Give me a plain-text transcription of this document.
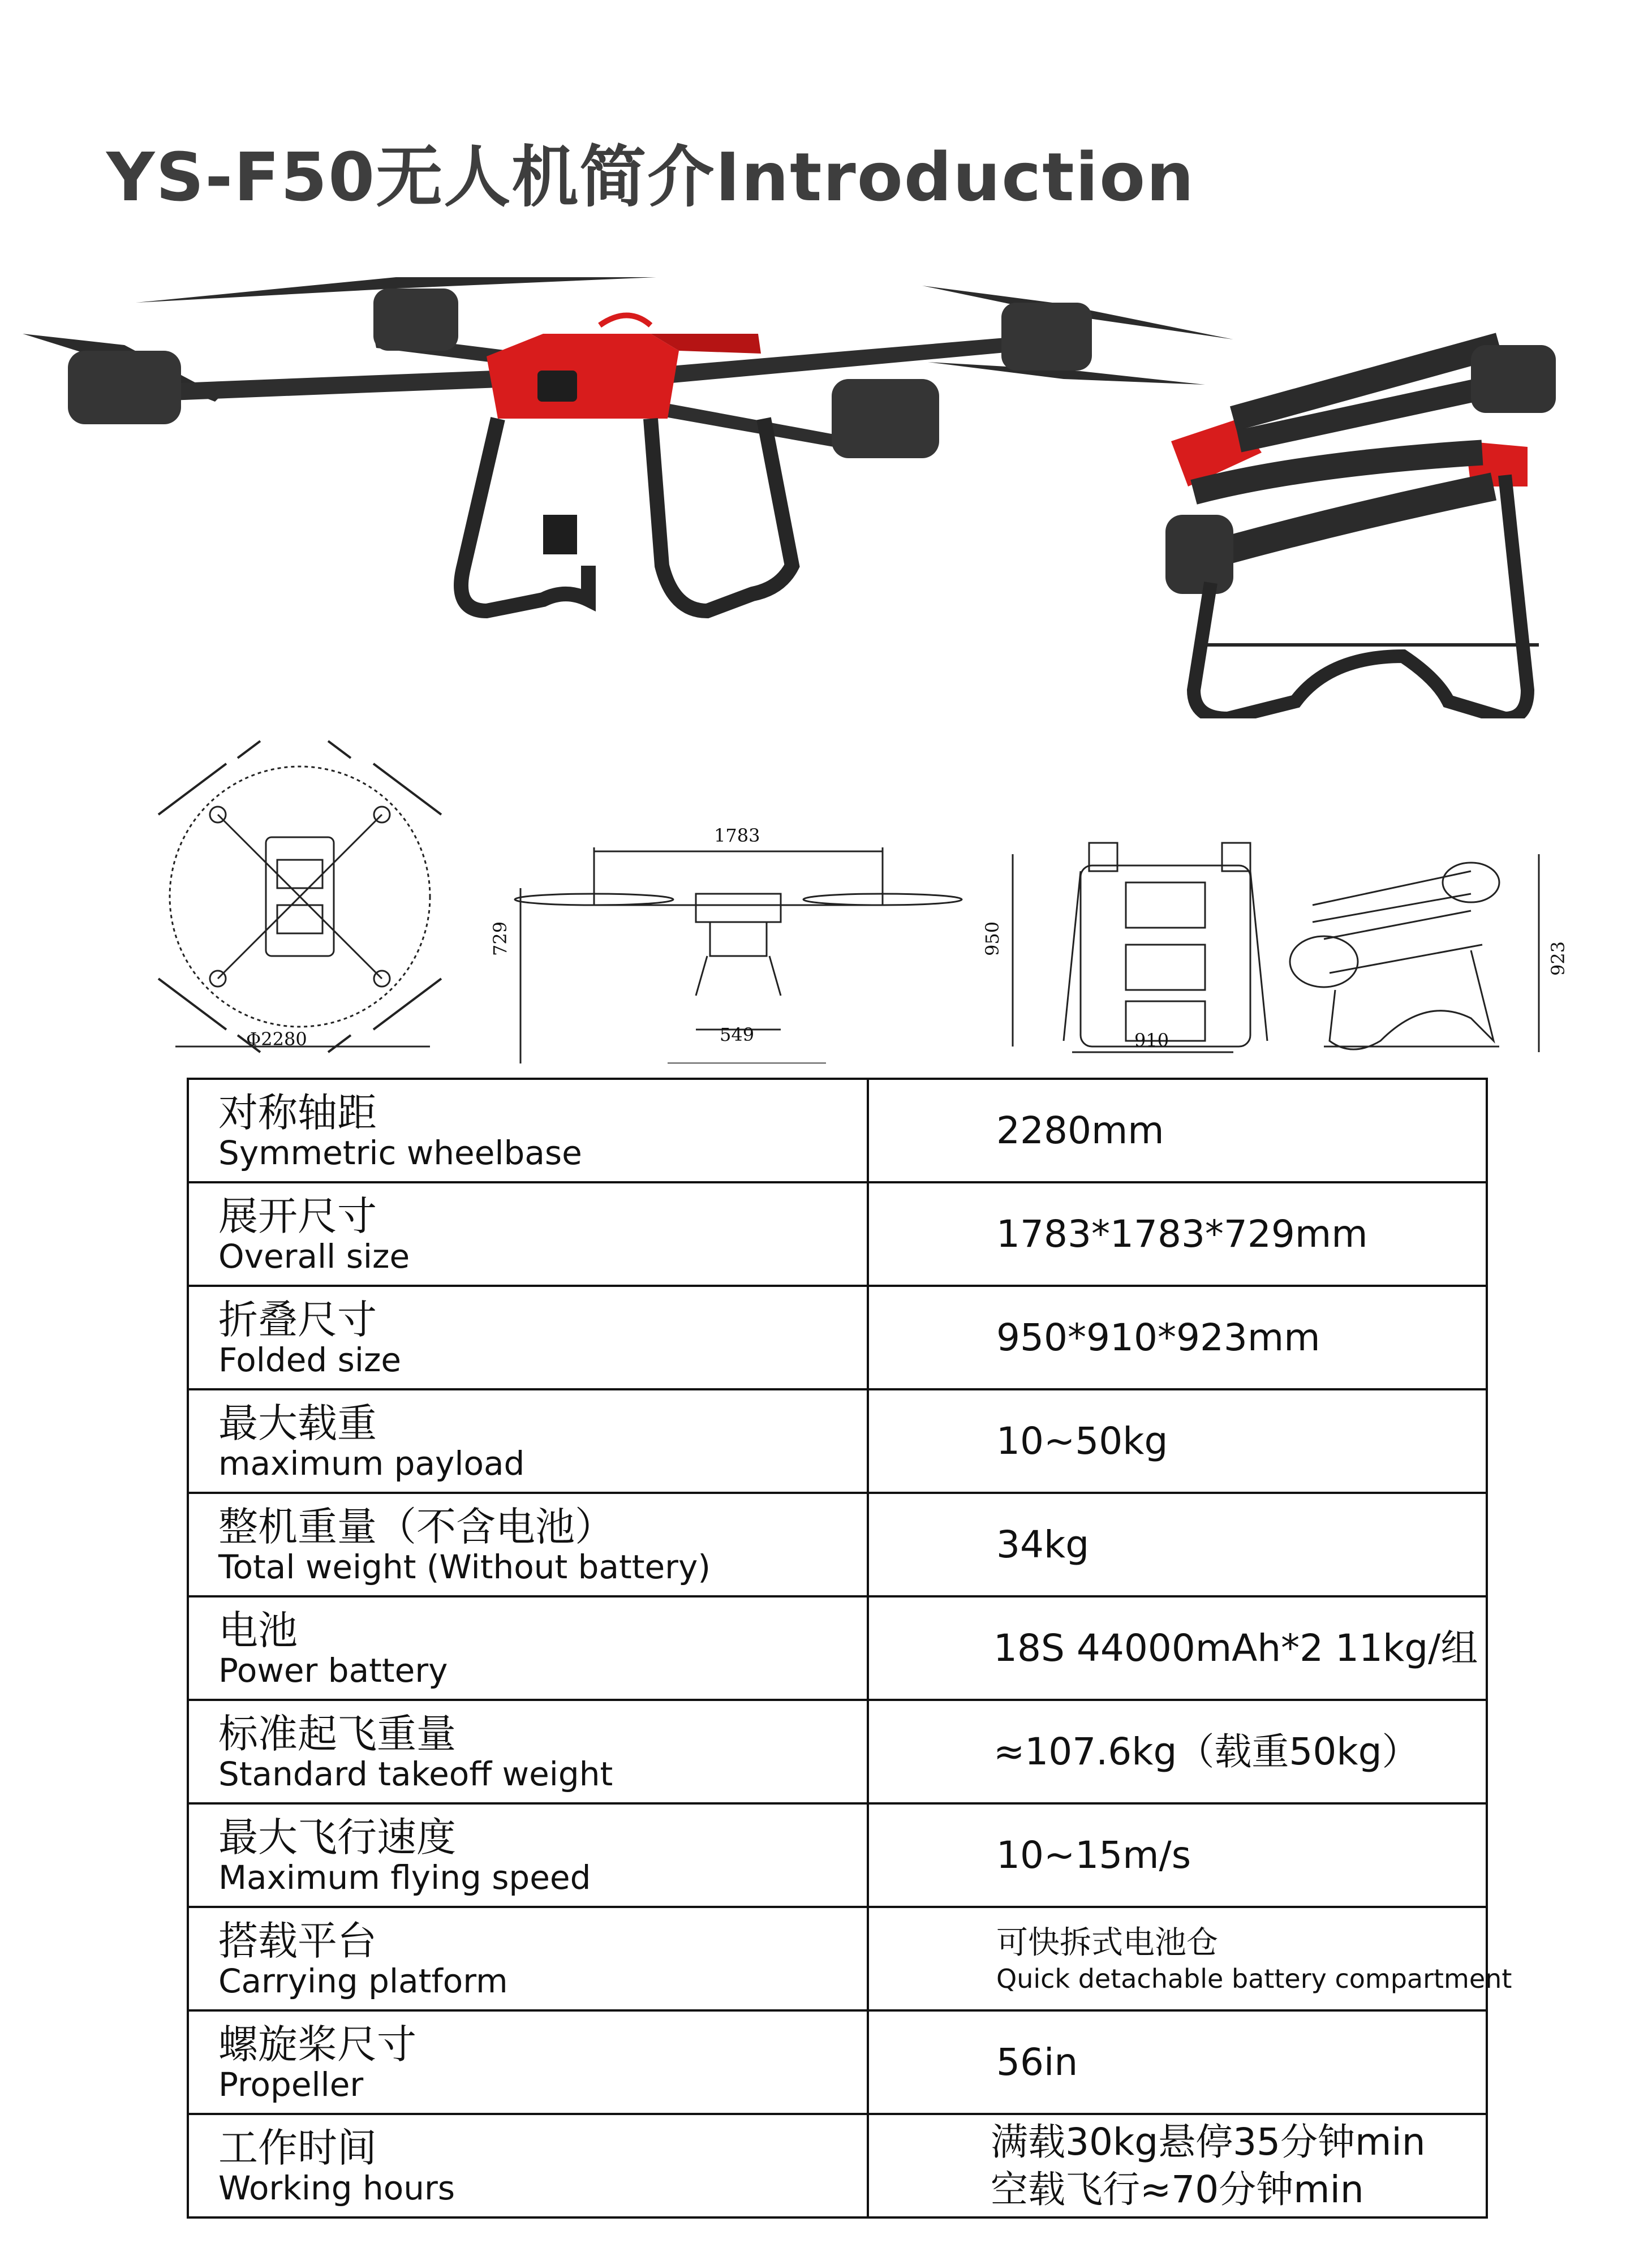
YS-F50无人机简介Introduction
Φ2280
1783
729
549
950
910
923
对称轴距
Symmetric wheelbase	2280mm

展开尺寸
Overall size	1783*1783*729mm

折叠尺寸
Folded size	950*910*923mm

最大载重
maximum payload	10~50kg

整机重量（不含电池）
Total weight (Without battery)	34kg

电池
Power battery	18S 44000mAh*2 11kg/组

标准起飞重量
Standard takeoff weight	≈107.6kg（载重50kg）

最大飞行速度
Maximum flying speed	10~15m/s

搭载平台
Carrying platform	可快拆式电池仓
Quick detachable battery compartment

螺旋桨尺寸
Propeller	56in

工作时间
Working hours	满载30kg悬停35分钟min
空载飞行≈70分钟min
